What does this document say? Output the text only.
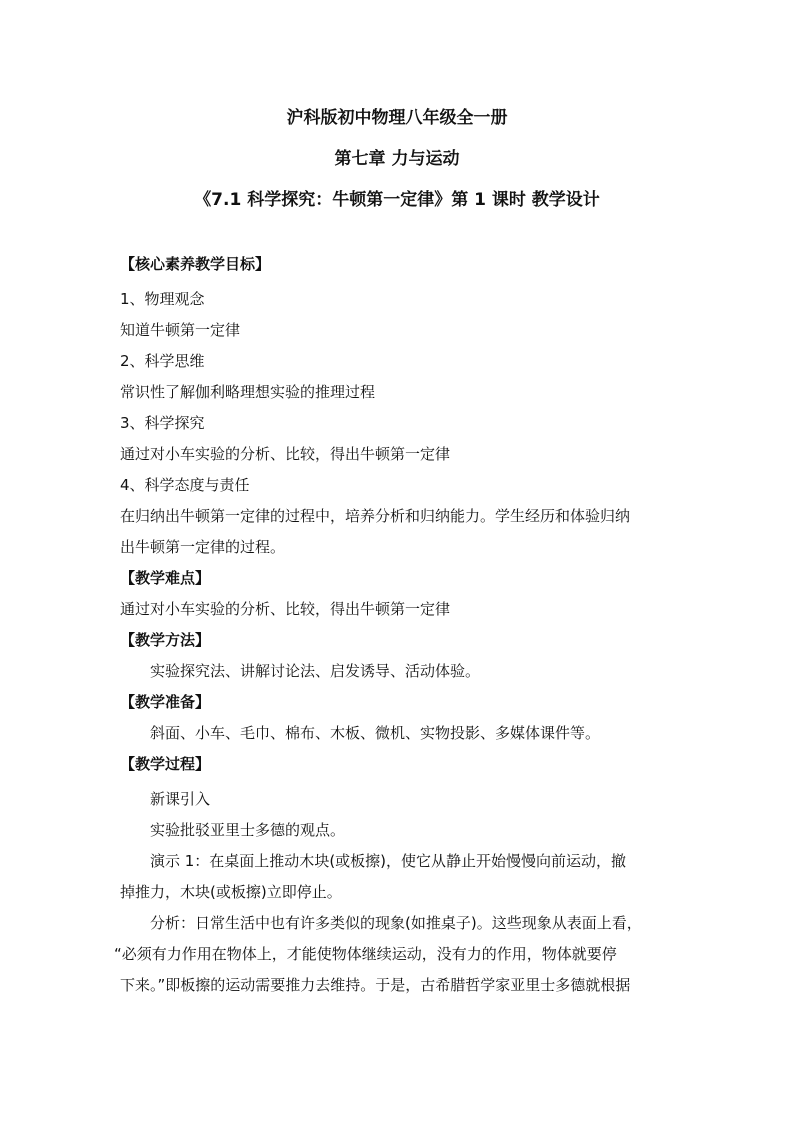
沪科版初中物理八年级全一册
第七章 力与运动
《7.1 科学探究：牛顿第一定律》第 1 课时 教学设计
【核心素养教学目标】
1、物理观念
知道牛顿第一定律
2、科学思维
常识性了解伽利略理想实验的推理过程
3、科学探究
通过对小车实验的分析、比较，得出牛顿第一定律
4、科学态度与责任
在归纳出牛顿第一定律的过程中，培养分析和归纳能力。学生经历和体验归纳
出牛顿第一定律的过程。
【教学难点】
通过对小车实验的分析、比较，得出牛顿第一定律
【教学方法】
实验探究法、讲解讨论法、启发诱导、活动体验。
【教学准备】
斜面、小车、毛巾、棉布、木板、微机、实物投影、多媒体课件等。
【教学过程】
新课引入
实验批驳亚里士多德的观点。
演示 1：在桌面上推动木块(或板擦)，使它从静止开始慢慢向前运动，撤
掉推力，木块(或板擦)立即停止。
分析：日常生活中也有许多类似的现象(如推桌子)。这些现象从表面上看，
“必须有力作用在物体上，才能使物体继续运动，没有力的作用，物体就要停
下来。”即板擦的运动需要推力去维持。于是，古希腊哲学家亚里士多德就根据
